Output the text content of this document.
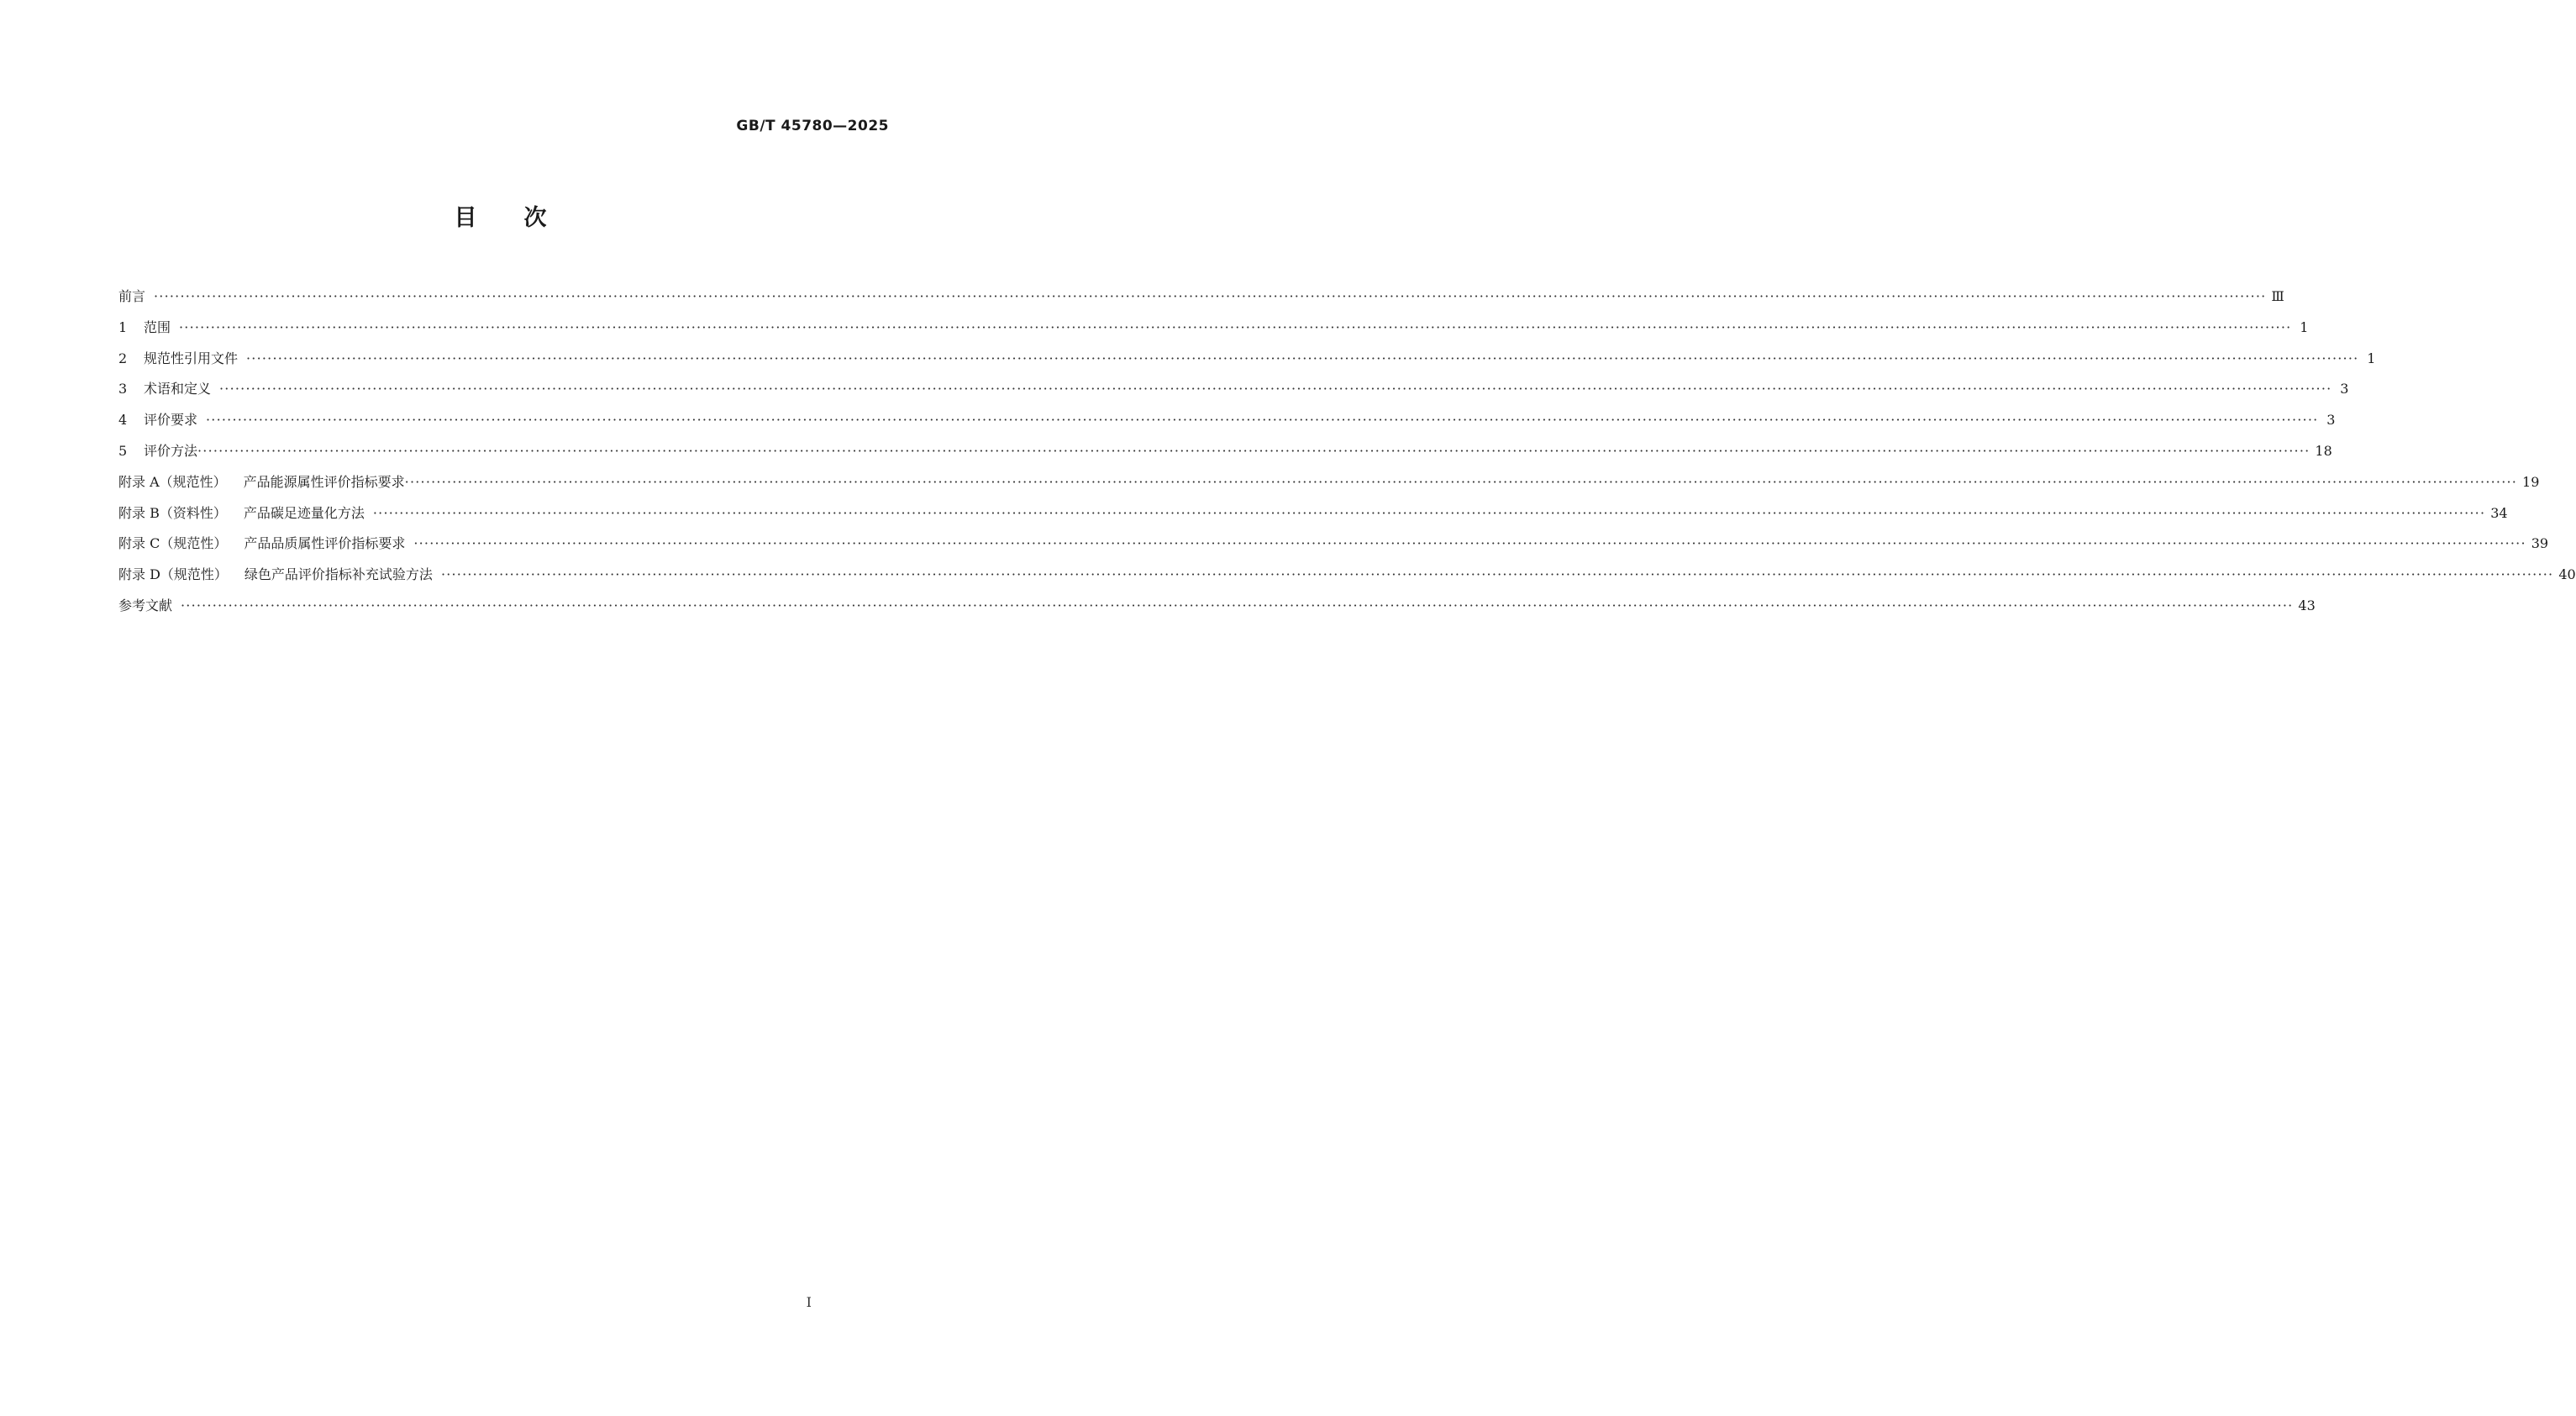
GB/T 45780—2025
目次
前言 ················································································································································································································································································································································································································ Ⅲ
1 范围 ················································································································································································································································································································································································································ 1
2 规范性引用文件 ················································································································································································································································································································································································································ 1
3 术语和定义 ················································································································································································································································································································································································································ 3
4 评价要求 ················································································································································································································································································································································································································ 3
5 评价方法 ················································································································································································································································································································································································································ 18
附录 A（规范性） 产品能源属性评价指标要求 ················································································································································································································································································································································································································ 19
附录 B（资料性） 产品碳足迹量化方法 ················································································································································································································································································································································································································ 34
附录 C（规范性） 产品品质属性评价指标要求 ················································································································································································································································································································································································································ 39
附录 D（规范性） 绿色产品评价指标补充试验方法 ················································································································································································································································································································································································································ 40
参考文献 ················································································································································································································································································································································································································ 43
Ⅰ
